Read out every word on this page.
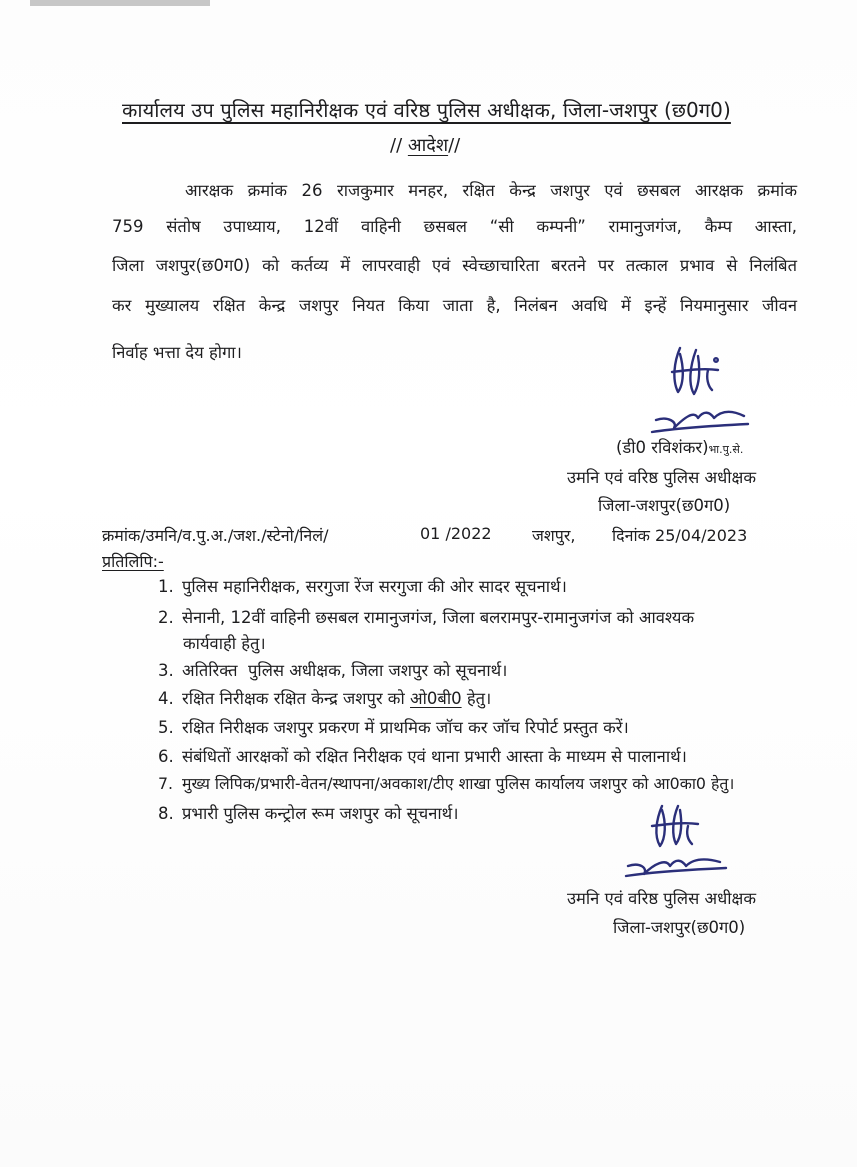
कार्यालय उप पुलिस महानिरीक्षक एवं वरिष्ठ पुलिस अधीक्षक, जिला-जशपुर (छ0ग0)
// आदेश//
आरक्षक क्रमांक 26 राजकुमार मनहर, रक्षित केन्द्र जशपुर एवं छसबल आरक्षक क्रमांक
759 संतोष उपाध्याय, 12वीं वाहिनी छसबल “सी कम्पनी” रामानुजगंज, कैम्प आस्ता,
जिला जशपुर(छ0ग0) को कर्तव्य में लापरवाही एवं स्वेच्छाचारिता बरतने पर तत्काल प्रभाव से निलंबित
कर मुख्यालय रक्षित केन्द्र जशपुर नियत किया जाता है, निलंबन अवधि में इन्हें नियमानुसार जीवन
निर्वाह भत्ता देय होगा।
(डी0 रविशंकर)भा.पु.से.
उमनि एवं वरिष्ठ पुलिस अधीक्षक
जिला-जशपुर(छ0ग0)
क्रमांक/उमनि/व.पु.अ./जश./स्टेनो/निलं/	01 /2022	जशपुर, दिनांक 25/04/2023
प्रतिलिपि:-
1. पुलिस महानिरीक्षक, सरगुजा रेंज सरगुजा की ओर सादर सूचनार्थ।
2. सेनानी, 12वीं वाहिनी छसबल रामानुजगंज, जिला बलरामपुर-रामानुजगंज को आवश्यक
कार्यवाही हेतु।
3. अतिरिक्त  पुलिस अधीक्षक, जिला जशपुर को सूचनार्थ।
4. रक्षित निरीक्षक रक्षित केन्द्र जशपुर को ओ0बी0 हेतु।
5. रक्षित निरीक्षक जशपुर प्रकरण में प्राथमिक जॉच कर जॉच रिपोर्ट प्रस्तुत करें।
6. संबंधितों आरक्षकों को रक्षित निरीक्षक एवं थाना प्रभारी आस्ता के माध्यम से पालानार्थ।
7. मुख्य लिपिक/प्रभारी-वेतन/स्थापना/अवकाश/टीए शाखा पुलिस कार्यालय जशपुर को आ0का0 हेतु।
8. प्रभारी पुलिस कन्ट्रोल रूम जशपुर को सूचनार्थ।
उमनि एवं वरिष्ठ पुलिस अधीक्षक
जिला-जशपुर(छ0ग0)
